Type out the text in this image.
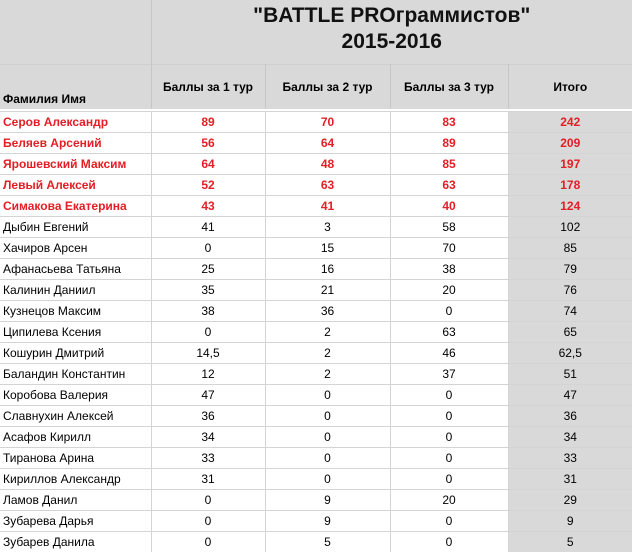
	"BATTLE PROграммистов"
2015-2016			

Фамилия Имя	Баллы за 1 тур	Баллы за 2 тур	Баллы за 3 тур	Итого

Серов Александр	89	70	83	242
Беляев Арсений	56	64	89	209
Ярошевский Максим	64	48	85	197
Левый Алексей	52	63	63	178
Симакова Екатерина	43	41	40	124
Дыбин Евгений	41	3	58	102
Хачиров Арсен	0	15	70	85
Афанасьева Татьяна	25	16	38	79
Калинин Даниил	35	21	20	76
Кузнецов Максим	38	36	0	74
Ципилева Ксения	0	2	63	65
Кошурин Дмитрий	14,5	2	46	62,5
Баландин Константин	12	2	37	51
Коробова Валерия	47	0	0	47
Славнухин Алексей	36	0	0	36
Асафов Кирилл	34	0	0	34
Тиранова Арина	33	0	0	33
Кириллов Александр	31	0	0	31
Ламов Данил	0	9	20	29
Зубарева Дарья	0	9	0	9
Зубарев Данила	0	5	0	5
